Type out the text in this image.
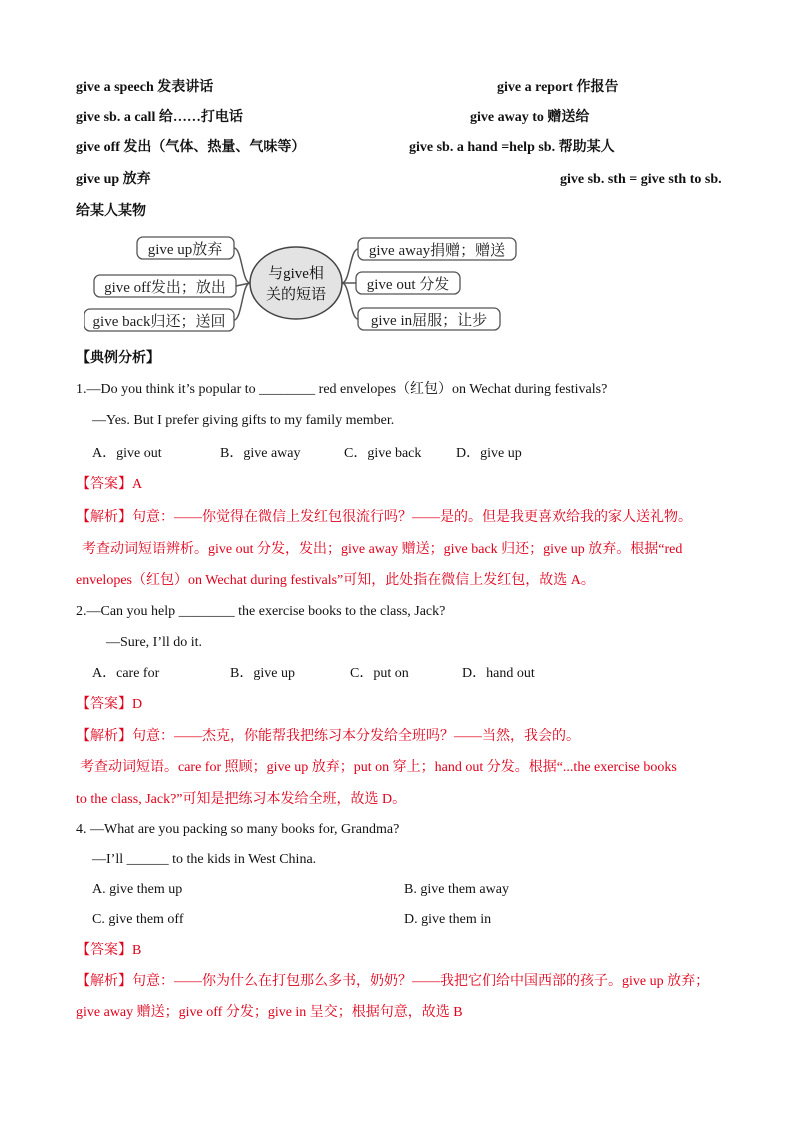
give a speech 发表讲话	give a report 作报告
give sb. a call 给……打电话	give away to 赠送给
give off 发出（气体、热量、气味等）	give sb. a hand =help sb. 帮助某人
give up 放弃	give sb. sth = give sth to sb.
给某人某物
与give相
关的短语
give up放弃
give off发出；放出
give back归还；送回
give away捐赠；赠送
give out 分发
give in屈服；让步
【典例分析】
1.—Do you think it’s popular to ________ red envelopes（红包）on Wechat during festivals?
—Yes. But I prefer giving gifts to my family member.
A．give out	B．give away	C．give back D．give up
【答案】A
【解析】句意：——你觉得在微信上发红包很流行吗？——是的。但是我更喜欢给我的家人送礼物。
考查动词短语辨析。give out 分发，发出；give away 赠送；give back 归还；give up 放弃。根据“red
envelopes（红包）on Wechat during festivals”可知，此处指在微信上发红包，故选 A。
2.—Can you help ________ the exercise books to the class, Jack?
—Sure, I’ll do it.
A．care for	B．give up	C．put on	D．hand out
【答案】D
【解析】句意：——杰克，你能帮我把练习本分发给全班吗？——当然，我会的。
考查动词短语。care for 照顾；give up 放弃；put on 穿上；hand out 分发。根据“...the exercise books
to the class, Jack?”可知是把练习本发给全班，故选 D。
4. —What are you packing so many books for, Grandma?
—I’ll ______ to the kids in West China.
A. give them up	B. give them away
C. give them off	D. give them in
【答案】B
【解析】句意：——你为什么在打包那么多书，奶奶？——我把它们给中国西部的孩子。give up 放弃；
give away 赠送；give off 分发；give in 呈交；根据句意，故选 B
